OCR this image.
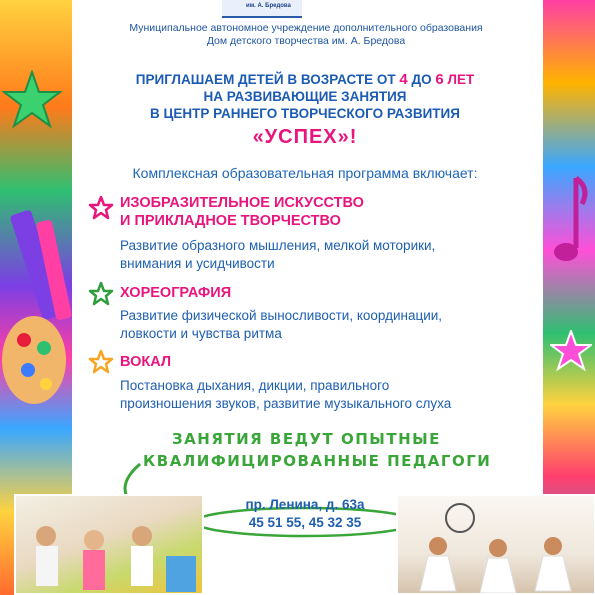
им. А. Бредова
Муниципальное автономное учреждение дополнительного образования
Дом детского творчества им. А. Бредова
ПРИГЛАШАЕМ ДЕТЕЙ В ВОЗРАСТЕ ОТ 4 ДО 6 ЛЕТ
НА РАЗВИВАЮЩИЕ ЗАНЯТИЯ
В ЦЕНТР РАННЕГО ТВОРЧЕСКОГО РАЗВИТИЯ
«УСПЕХ»!
Комплексная образовательная программа включает:
ИЗОБРАЗИТЕЛЬНОЕ ИСКУССТВО
И ПРИКЛАДНОЕ ТВОРЧЕСТВО
Развитие образного мышления, мелкой моторики,
внимания и усидчивости
ХОРЕОГРАФИЯ
Развитие физической выносливости, координации,
ловкости и чувства ритма
ВОКАЛ
Постановка дыхания, дикции, правильного
произношения звуков, развитие музыкального слуха
ЗАНЯТИЯ ВЕДУТ ОПЫТНЫЕ
КВАЛИФИЦИРОВАННЫЕ ПЕДАГОГИ
пр. Ленина, д. 63а
45 51 55, 45 32 35
